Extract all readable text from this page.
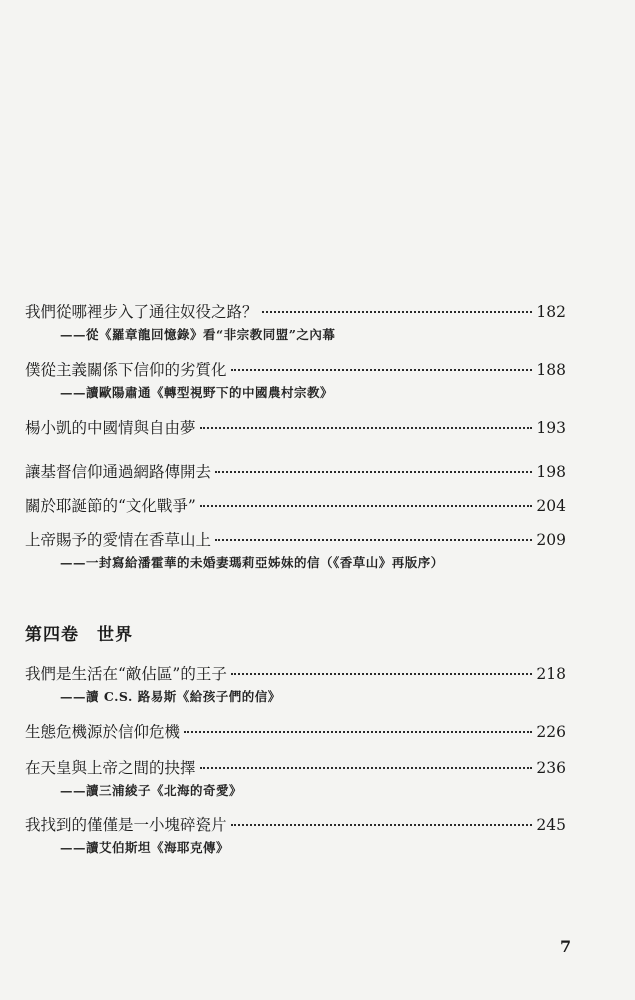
我們從哪裡步入了通往奴役之路？	182
——從《羅章龍回憶錄》看“非宗教同盟”之內幕
僕從主義關係下信仰的劣質化	188
——讀歐陽肅通《轉型視野下的中國農村宗教》
楊小凱的中國情與自由夢	193
讓基督信仰通過網路傳開去	198
關於耶誕節的“文化戰爭”	204
上帝賜予的愛情在香草山上	209
——一封寫給潘霍華的未婚妻瑪莉亞姊妹的信（《香草山》再版序）
第四卷 世界
我們是生活在“敵佔區”的王子	218
——讀 C.S. 路易斯《給孩子們的信》
生態危機源於信仰危機	226
在天皇與上帝之間的抉擇	236
——讀三浦綾子《北海的奇愛》
我找到的僅僅是一小塊碎瓷片	245
——讀艾伯斯坦《海耶克傳》
7
